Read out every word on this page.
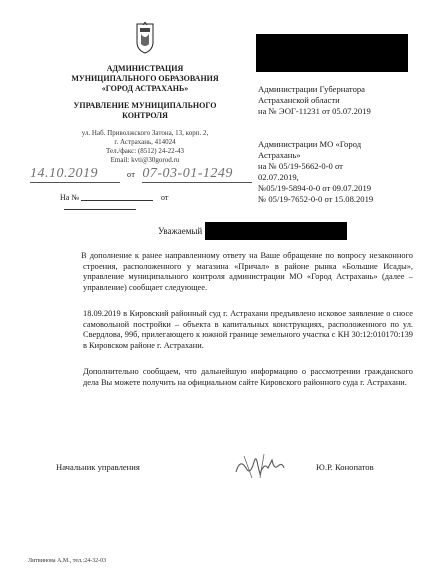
АДМИНИСТРАЦИЯ
МУНИЦИПАЛЬНОГО ОБРАЗОВАНИЯ
«ГОРОД АСТРАХАНЬ»
УПРАВЛЕНИЕ МУНИЦИПАЛЬНОГО
КОНТРОЛЯ
ул. Наб. Приволжского Затона, 13, корп. 2,
г. Астрахань, 414024
Тел./факс: (8512) 24-22-43
Email: kvti@30gorod.ru
14.10.2019	от 07-03-01-1249
На №	от
Администрации Губернатора
Астраханской области
на № ЭОГ-11231 от 05.07.2019
Администрации МО «Город
Астрахань»
на № 05/19-5662-0-0 от
02.07.2019,
№05/19-5894-0-0 от 09.07.2019
№ 05/19-7652-0-0 от 15.08.2019
Уважаемый
В дополнение к ранее направленному ответу на Ваше обращение по вопросу незаконного строения, расположенного у магазина «Причал» в районе рынка «Большие Исады», управление муниципального контроля администрации МО «Город Астрахань» (далее – управление) сообщает следующее.
18.09.2019 в Кировский районный суд г. Астрахани предъявлено исковое заявление о сносе самовольной постройки – объекта в капитальных конструкциях, расположенного по ул. Свердлова, 99б, прилегающего к южной границе земельного участка с КН 30:12:010170:139 в Кировском районе г. Астрахани.
Дополнительно сообщаем, что дальнейшую информацию о рассмотрении гражданского дела Вы можете получить на официальном сайте Кировского районного суда г. Астрахани.
Начальник управления	Ю.Р. Конопатов
Литвинова А.М., тел.:24-32-03
